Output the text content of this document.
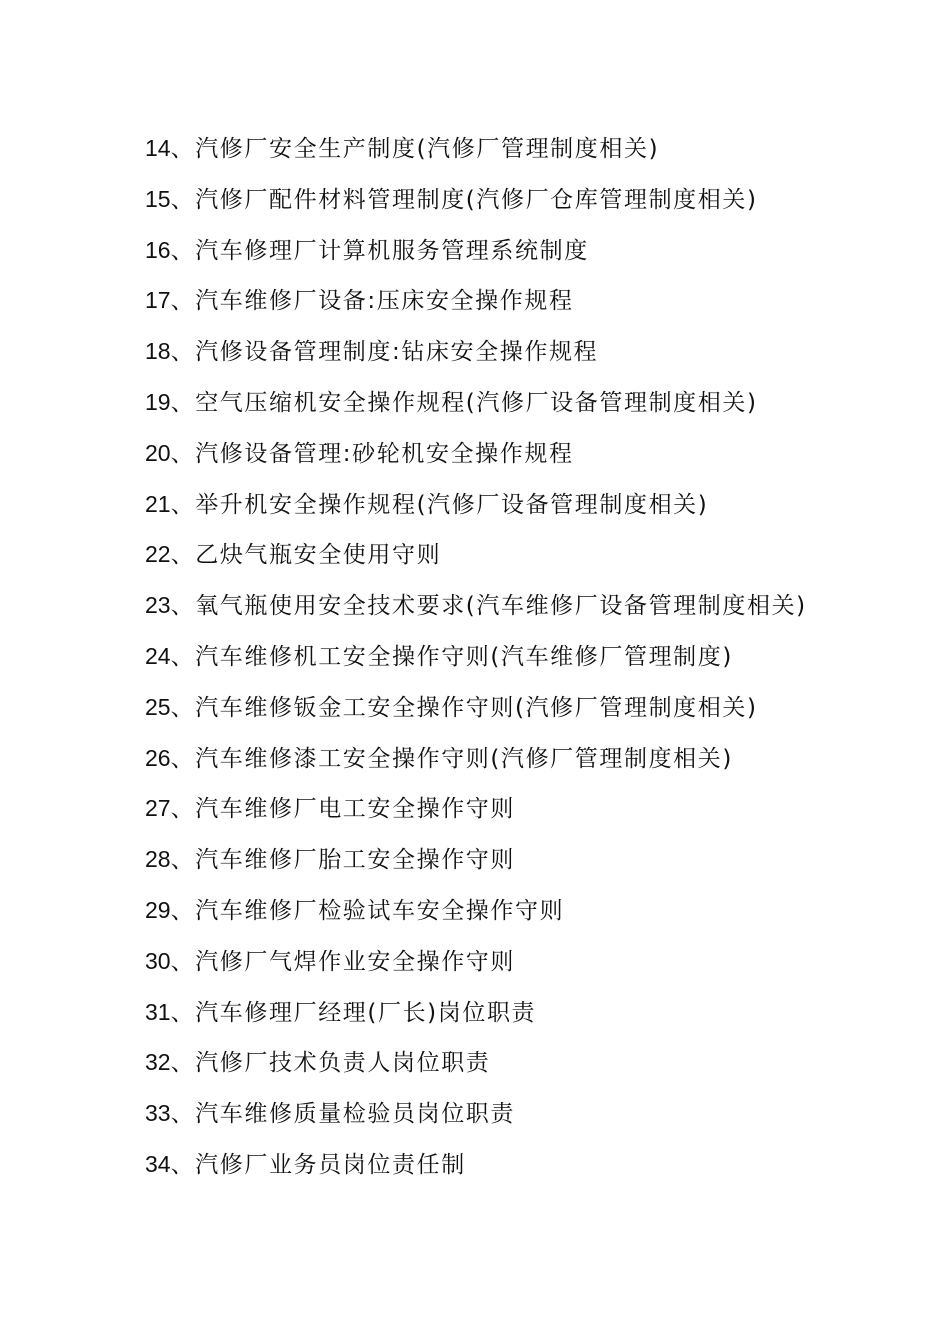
14、汽修厂安全生产制度(汽修厂管理制度相关)
15、汽修厂配件材料管理制度(汽修厂仓库管理制度相关)
16、汽车修理厂计算机服务管理系统制度
17、汽车维修厂设备:压床安全操作规程
18、汽修设备管理制度:钻床安全操作规程
19、空气压缩机安全操作规程(汽修厂设备管理制度相关)
20、汽修设备管理:砂轮机安全操作规程
21、举升机安全操作规程(汽修厂设备管理制度相关)
22、乙炔气瓶安全使用守则
23、氧气瓶使用安全技术要求(汽车维修厂设备管理制度相关)
24、汽车维修机工安全操作守则(汽车维修厂管理制度)
25、汽车维修钣金工安全操作守则(汽修厂管理制度相关)
26、汽车维修漆工安全操作守则(汽修厂管理制度相关)
27、汽车维修厂电工安全操作守则
28、汽车维修厂胎工安全操作守则
29、汽车维修厂检验试车安全操作守则
30、汽修厂气焊作业安全操作守则
31、汽车修理厂经理(厂长)岗位职责
32、汽修厂技术负责人岗位职责
33、汽车维修质量检验员岗位职责
34、汽修厂业务员岗位责任制
